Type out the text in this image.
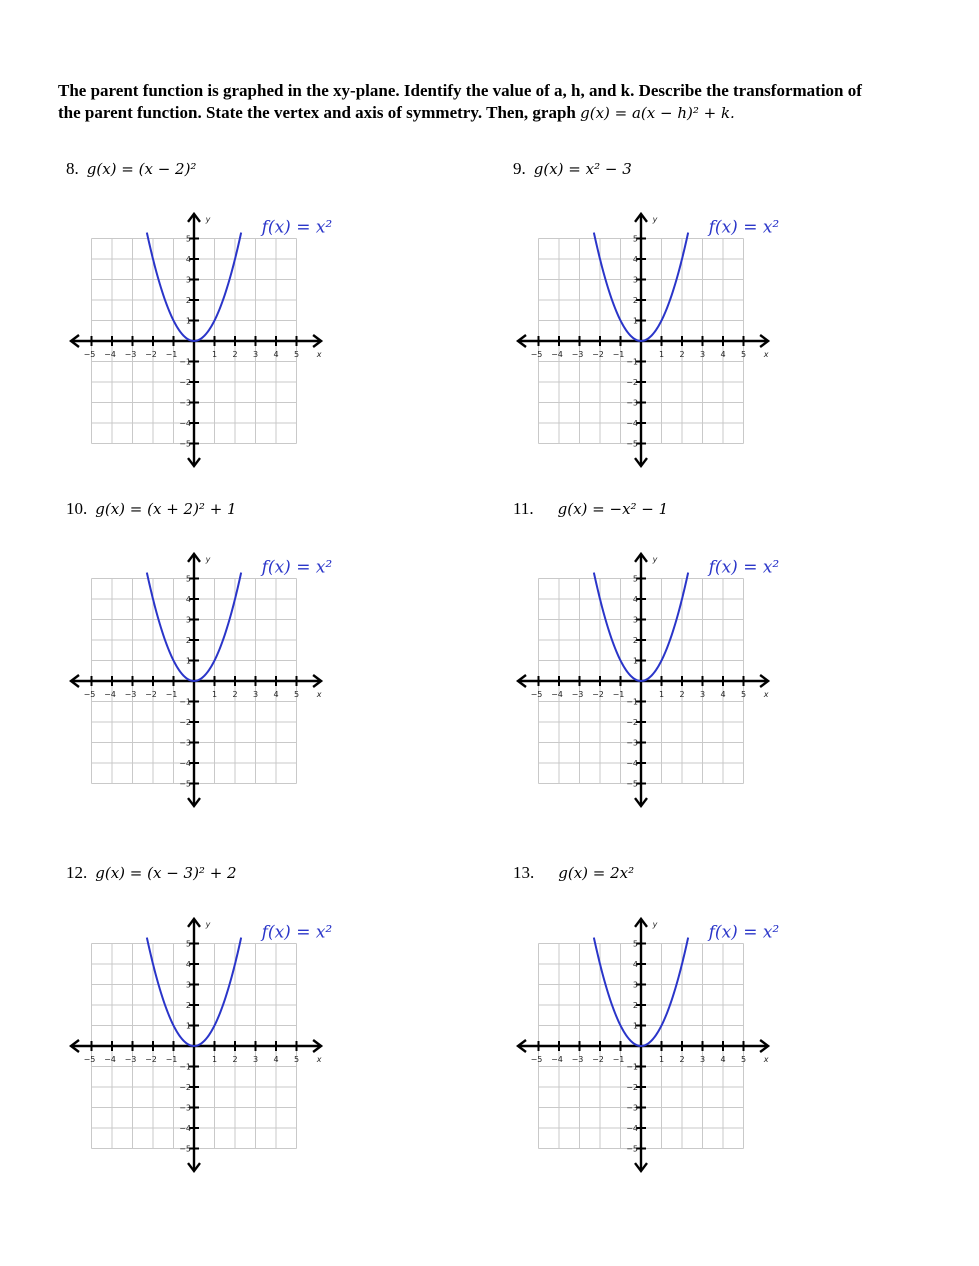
The parent function is graphed in the xy-plane. Identify the value of a, h, and k. Describe the transformation of the parent function. State the vertex and axis of symmetry. Then, graph g(x) = a(x − h)² + k.
8. g(x) = (x − 2)²	9. g(x) = x² − 3
10. g(x) = (x + 2)² + 1	11. g(x) = −x² − 1
12. g(x) = (x − 3)² + 2	13. g(x) = 2x²
−5 −4 −3 −2 −1	1 2 3 4 5
5
4
3
2
1
−1
−2
−3
−4
−5
x
y	f(x) = x²
−5 −4 −3 −2 −1	1 2 3 4 5
5
4
3
2
1
−1
−2
−3
−4
−5
x
y	f(x) = x²
−5 −4 −3 −2 −1	1 2 3 4 5
5
4
3
2
1
−1
−2
−3
−4
−5
x
y	f(x) = x²
−5 −4 −3 −2 −1	1 2 3 4 5
5
4
3
2
1
−1
−2
−3
−4
−5
x
y	f(x) = x²
−5 −4 −3 −2 −1	1 2 3 4 5
5
4
3
2
1
−1
−2
−3
−4
−5
x
y	f(x) = x²
−5 −4 −3 −2 −1	1 2 3 4 5
5
4
3
2
1
−1
−2
−3
−4
−5
x
y	f(x) = x²
